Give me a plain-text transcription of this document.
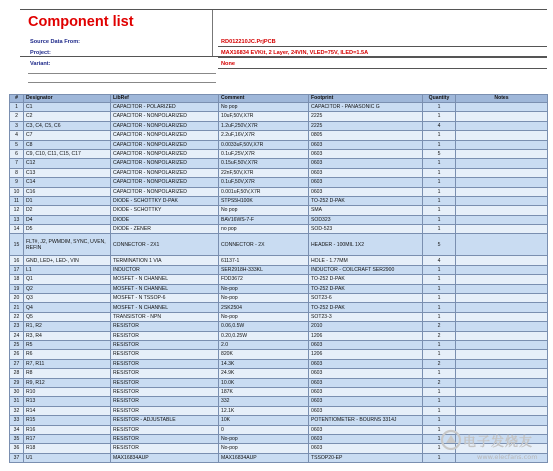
Component list
Source Data From:	RD012210JC.PrjPCB
Project:	MAX16834 EVKit, 2 Layer, 24VIN, VLED=75V, ILED=1.5A
Variant:	None
#	Designator	LibRef	Comment	Footprint	Quantity	Notes
1	C1	CAPACITOR - POLARIZED	No pop	CAPACITOR - PANASONIC G	1	
2	C2	CAPACITOR - NONPOLARIZED	10uF,50V,X7R	2225	1	
3	C3, C4, C5, C6	CAPACITOR - NONPOLARIZED	1.2uF,250V,X7R	2225	4	
4	C7	CAPACITOR - NONPOLARIZED	2.2uF,16V,X7R	0805	1	
5	C8	CAPACITOR - NONPOLARIZED	0.0033uF,50V,X7R	0603	1	
6	C9, C10, C11, C15, C17	CAPACITOR - NONPOLARIZED	0.1uF,25V,X7R	0603	5	
7	C12	CAPACITOR - NONPOLARIZED	0.15uF,50V,X7R	0603	1	
8	C13	CAPACITOR - NONPOLARIZED	22nF,50V,X7R	0603	1	
9	C14	CAPACITOR - NONPOLARIZED	0.1uF,50V,X7R	0603	1	
10	C16	CAPACITOR - NONPOLARIZED	0.001uF,50V,X7R	0603	1	
11	D1	DIODE - SCHOTTKY D-PAK	STPS5H100K	TO-252 D-PAK	1	
12	D2	DIODE - SCHOTTKY	No pop	SMA	1	
13	D4	DIODE	BAV16WS-7-F	SOD323	1	
14	D5	DIODE - ZENER	no pop	SOD-523	1	
15	FLT#, J2, PWMDIM, SYNC, UVEN, REFIN	CONNECTOR - 2X1	CONNECTOR - 2X	HEADER - 100MIL 1X2	5	
16	GND, LED+, LED-, VIN	TERMINATION 1 VIA	61137-1	HOLE - 1.77MM	4	
17	L1	INDUCTOR	SER2918H-333KL	INDUCTOR - COILCRAFT SER2900	1	
18	Q1	MOSFET - N CHANNEL	FDD3672	TO-252 D-PAK	1	
19	Q2	MOSFET - N CHANNEL	No-pop	TO-252 D-PAK	1	
20	Q3	MOSFET - N TSSOP-6	No-pop	SOT23-6	1	
21	Q4	MOSFET - N CHANNEL	2SK2504	TO-252 D-PAK	1	
22	Q5	TRANSISTOR - NPN	No-pop	SOT23-3	1	
23	R1, R2	RESISTOR	0.06,0.5W	2010	2	
24	R3, R4	RESISTOR	0.20,0.25W	1206	2	
25	R5	RESISTOR	2.0	0603	1	
26	R6	RESISTOR	820K	1206	1	
27	R7, R11	RESISTOR	14.3K	0603	2	
28	R8	RESISTOR	24.9K	0603	1	
29	R9, R12	RESISTOR	10.0K	0603	2	
30	R10	RESISTOR	187K	0603	1	
31	R13	RESISTOR	332	0603	1	
32	R14	RESISTOR	12.1K	0603	1	
33	R15	RESISTOR - ADJUSTABLE	10K	POTENTIOMETER - BOURNS 3314J	1	
34	R16	RESISTOR	0	0603	1	
35	R17	RESISTOR	No-pop	0603	1	
36	R18	RESISTOR	No-pop	0603	1	
37	U1	MAX16834AUP	MAX16834AUP	TSSOP20-EP	1	
电子发烧友
www.elecfans.com
